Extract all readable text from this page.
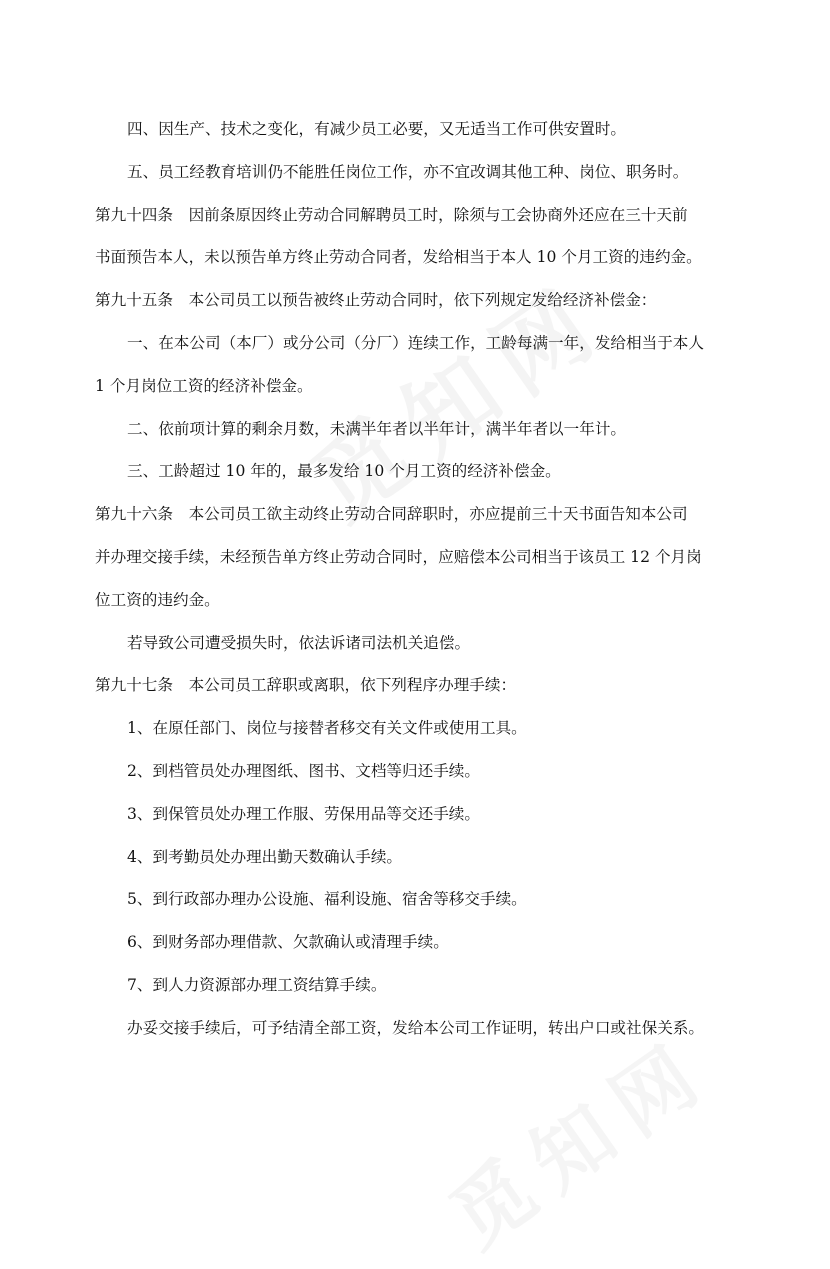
四、因生产、技术之变化，有减少员工必要，又无适当工作可供安置时。
五、员工经教育培训仍不能胜任岗位工作，亦不宜改调其他工种、岗位、职务时。
第九十四条　因前条原因终止劳动合同解聘员工时，除须与工会协商外还应在三十天前
书面预告本人，未以预告单方终止劳动合同者，发给相当于本人 10 个月工资的违约金。
第九十五条　本公司员工以预告被终止劳动合同时，依下列规定发给经济补偿金：
一、在本公司（本厂）或分公司（分厂）连续工作，工龄每满一年，发给相当于本人
1 个月岗位工资的经济补偿金。
二、依前项计算的剩余月数，未满半年者以半年计，满半年者以一年计。
三、工龄超过 10 年的，最多发给 10 个月工资的经济补偿金。
第九十六条　本公司员工欲主动终止劳动合同辞职时，亦应提前三十天书面告知本公司
并办理交接手续，未经预告单方终止劳动合同时，应赔偿本公司相当于该员工 12 个月岗
位工资的违约金。
若导致公司遭受损失时，依法诉诸司法机关追偿。
第九十七条　本公司员工辞职或离职，依下列程序办理手续：
1、在原任部门、岗位与接替者移交有关文件或使用工具。
2、到档管员处办理图纸、图书、文档等归还手续。
3、到保管员处办理工作服、劳保用品等交还手续。
4、到考勤员处办理出勤天数确认手续。
5、到行政部办理办公设施、福利设施、宿舍等移交手续。
6、到财务部办理借款、欠款确认或清理手续。
7、到人力资源部办理工资结算手续。
办妥交接手续后，可予结清全部工资，发给本公司工作证明，转出户口或社保关系。
